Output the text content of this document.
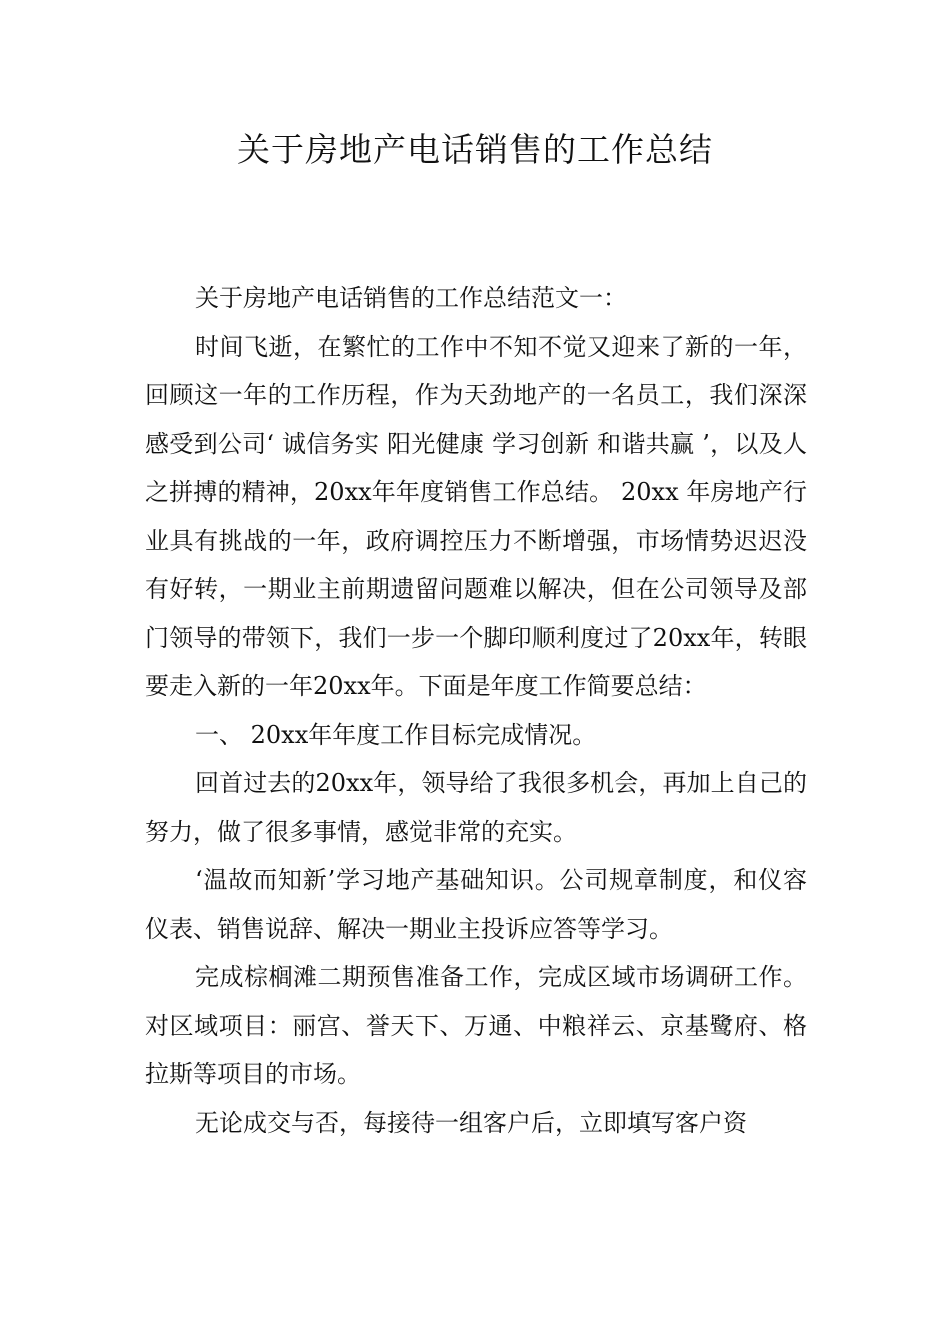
关于房地产电话销售的工作总结

关于房地产电话销售的工作总结范文一：

时间飞逝，在繁忙的工作中不知不觉又迎来了新的一年，回顾这一年的工作历程，作为天劲地产的一名员工，我们深深感受到公司‘ 诚信务实 阳光健康 学习创新 和谐共赢 ’，以及人之拼搏的精神，20xx年年度销售工作总结。 20xx 年房地产行业具有挑战的一年，政府调控压力不断增强，市场情势迟迟没有好转，一期业主前期遗留问题难以解决，但在公司领导及部门领导的带领下，我们一步一个脚印顺利度过了20xx年，转眼要走入新的一年20xx年。下面是年度工作简要总结：

一、 20xx年年度工作目标完成情况。

回首过去的20xx年，领导给了我很多机会，再加上自己的努力，做了很多事情，感觉非常的充实。

‘温故而知新’学习地产基础知识。公司规章制度，和仪容仪表、销售说辞、解决一期业主投诉应答等学习。

完成棕榈滩二期预售准备工作，完成区域市场调研工作。对区域项目：丽宫、誉天下、万通、中粮祥云、京基鹭府、格拉斯等项目的市场。

无论成交与否，每接待一组客户后，立即填写客户资
